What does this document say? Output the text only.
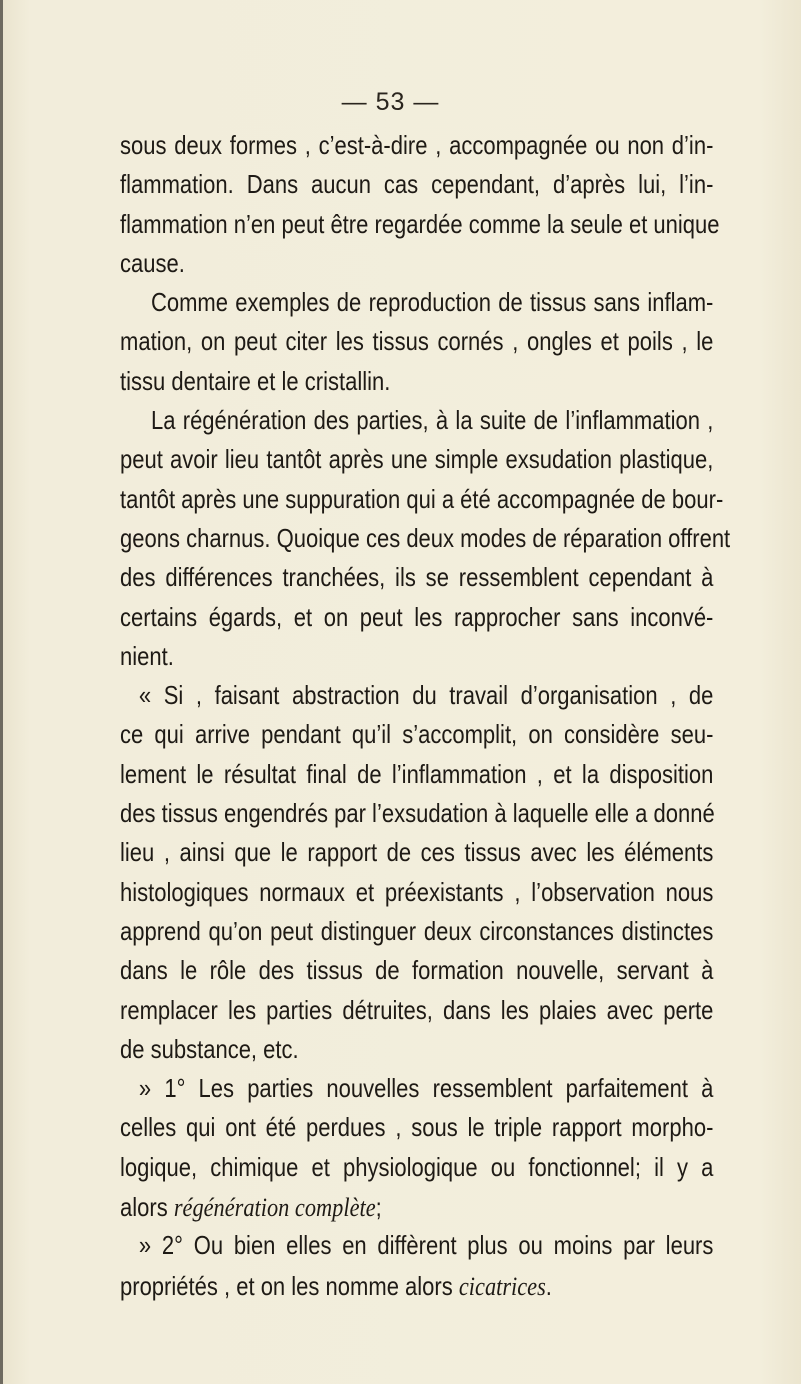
— 53 —
sous deux formes , c’est-à-dire , accompagnée ou non d’in-
flammation. Dans aucun cas cependant, d’après lui, l’in-
flammation n’en peut être regardée comme la seule et unique
cause.
Comme exemples de reproduction de tissus sans inflam-
mation, on peut citer les tissus cornés , ongles et poils , le
tissu dentaire et le cristallin.
La régénération des parties, à la suite de l’inflammation ,
peut avoir lieu tantôt après une simple exsudation plastique,
tantôt après une suppuration qui a été accompagnée de bour-
geons charnus. Quoique ces deux modes de réparation offrent
des différences tranchées, ils se ressemblent cependant à
certains égards, et on peut les rapprocher sans inconvé-
nient.
« Si , faisant abstraction du travail d’organisation , de
ce qui arrive pendant qu’il s’accomplit, on considère seu-
lement le résultat final de l’inflammation , et la disposition
des tissus engendrés par l’exsudation à laquelle elle a donné
lieu , ainsi que le rapport de ces tissus avec les éléments
histologiques normaux et préexistants , l’observation nous
apprend qu’on peut distinguer deux circonstances distinctes
dans le rôle des tissus de formation nouvelle, servant à
remplacer les parties détruites, dans les plaies avec perte
de substance, etc.
» 1° Les parties nouvelles ressemblent parfaitement à
celles qui ont été perdues , sous le triple rapport morpho-
logique, chimique et physiologique ou fonctionnel; il y a
alors régénération complète;
» 2° Ou bien elles en diffèrent plus ou moins par leurs
propriétés , et on les nomme alors cicatrices.
